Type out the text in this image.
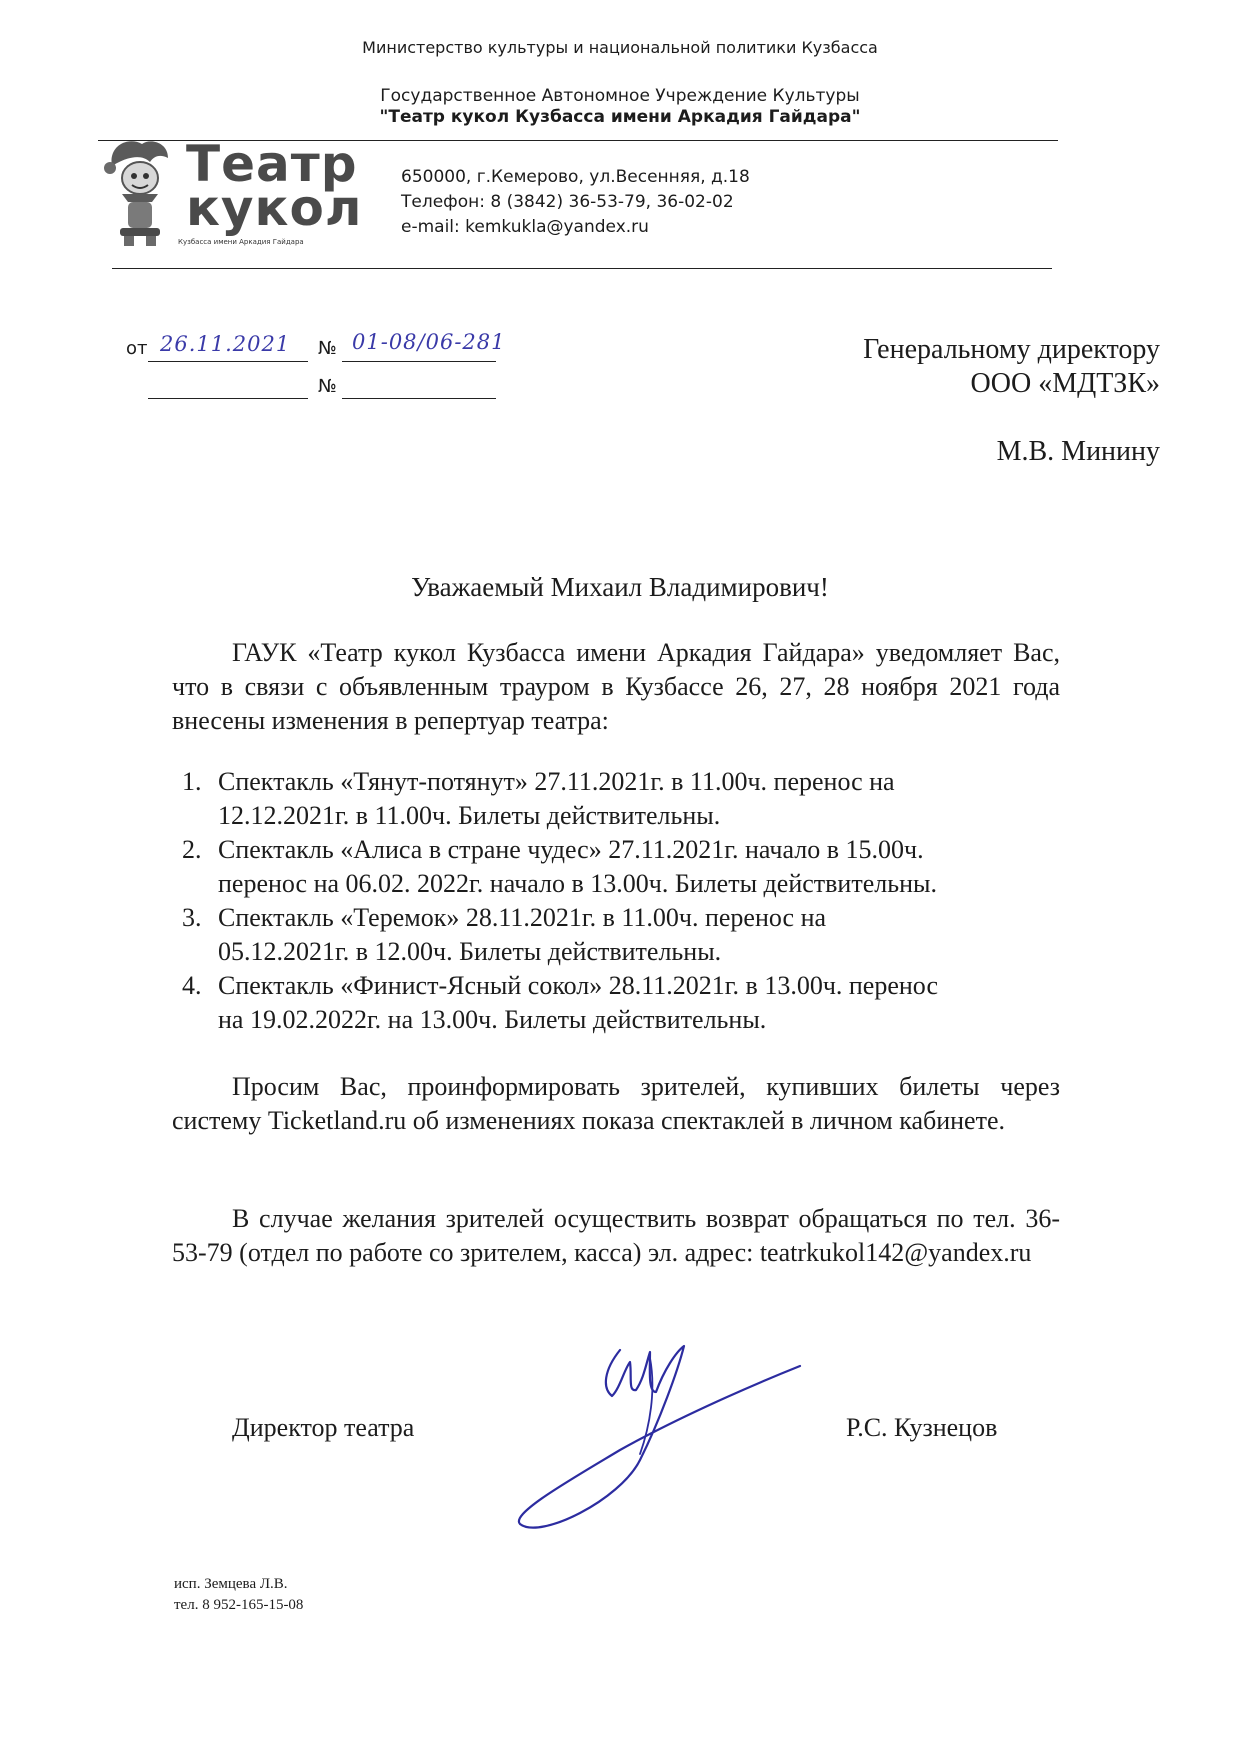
Министерство культуры и национальной политики Кузбасса
Государственное Автономное Учреждение Культуры
"Театр кукол Кузбасса имени Аркадия Гайдара"
Театр
кукол
Кузбасса имени Аркадия Гайдара
650000, г.Кемерово, ул.Весенняя, д.18
Телефон: 8 (3842) 36-53-79, 36-02-02
e-mail: kemkukla@yandex.ru
от 26.11.2021 № 01-08/06-281
№
Генеральному директору
ООО «МДТЗК»
М.В. Минину
Уважаемый Михаил Владимирович!
ГАУК «Театр кукол Кузбасса имени Аркадия Гайдара» уведомляет Вас, что в связи с объявленным трауром в Кузбассе 26, 27, 28 ноября 2021 года внесены изменения в репертуар театра:
1. Спектакль «Тянут-потянут» 27.11.2021г. в 11.00ч. перенос на
12.12.2021г. в 11.00ч. Билеты действительны.
2. Спектакль «Алиса в стране чудес» 27.11.2021г. начало в 15.00ч.
перенос на 06.02. 2022г. начало в 13.00ч. Билеты действительны.
3. Спектакль «Теремок» 28.11.2021г. в 11.00ч. перенос на
05.12.2021г. в 12.00ч. Билеты действительны.
4. Спектакль «Финист-Ясный сокол» 28.11.2021г. в 13.00ч. перенос
на 19.02.2022г. на 13.00ч. Билеты действительны.
Просим Вас, проинформировать зрителей, купивших билеты через систему Ticketland.ru об изменениях показа спектаклей в личном кабинете.
В случае желания зрителей осуществить возврат обращаться по тел. 36-53-79 (отдел по работе со зрителем, касса) эл. адрес: teatrkukol142@yandex.ru
Директор театра	Р.С. Кузнецов
исп. Земцева Л.В.
тел. 8 952-165-15-08
